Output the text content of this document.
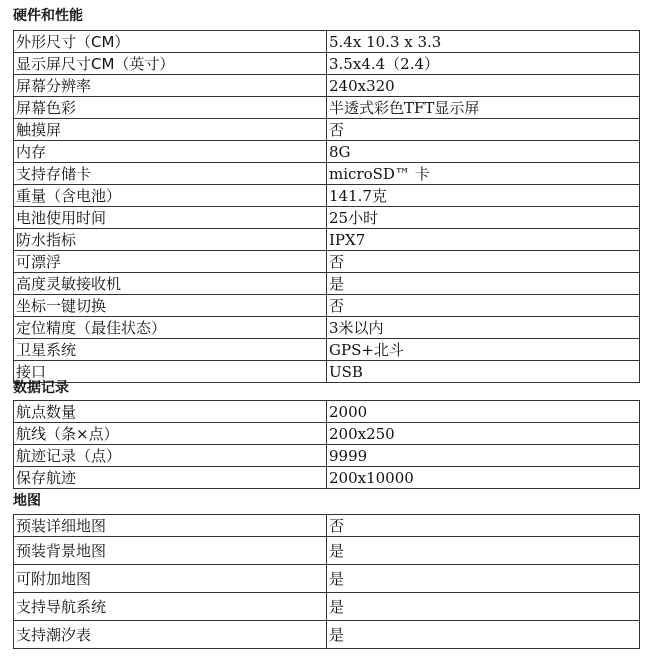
硬件和性能
外形尺寸（CM）	5.4x 10.3 x 3.3
显示屏尺寸CM（英寸）	3.5x4.4（2.4）
屏幕分辨率	240x320
屏幕色彩	半透式彩色TFT显示屏
触摸屏	否
内存	8G
支持存储卡	microSD™ 卡
重量（含电池）	141.7克
电池使用时间	25小时
防水指标	IPX7
可漂浮	否
高度灵敏接收机	是
坐标一键切换	否
定位精度（最佳状态）	3米以内
卫星系统	GPS+北斗
接口	USB
数据记录
航点数量	2000
航线（条×点）	200x250
航迹记录（点）	9999
保存航迹	200x10000
地图
预装详细地图	否
预装背景地图	是
可附加地图	是
支持导航系统	是
支持潮汐表	是
